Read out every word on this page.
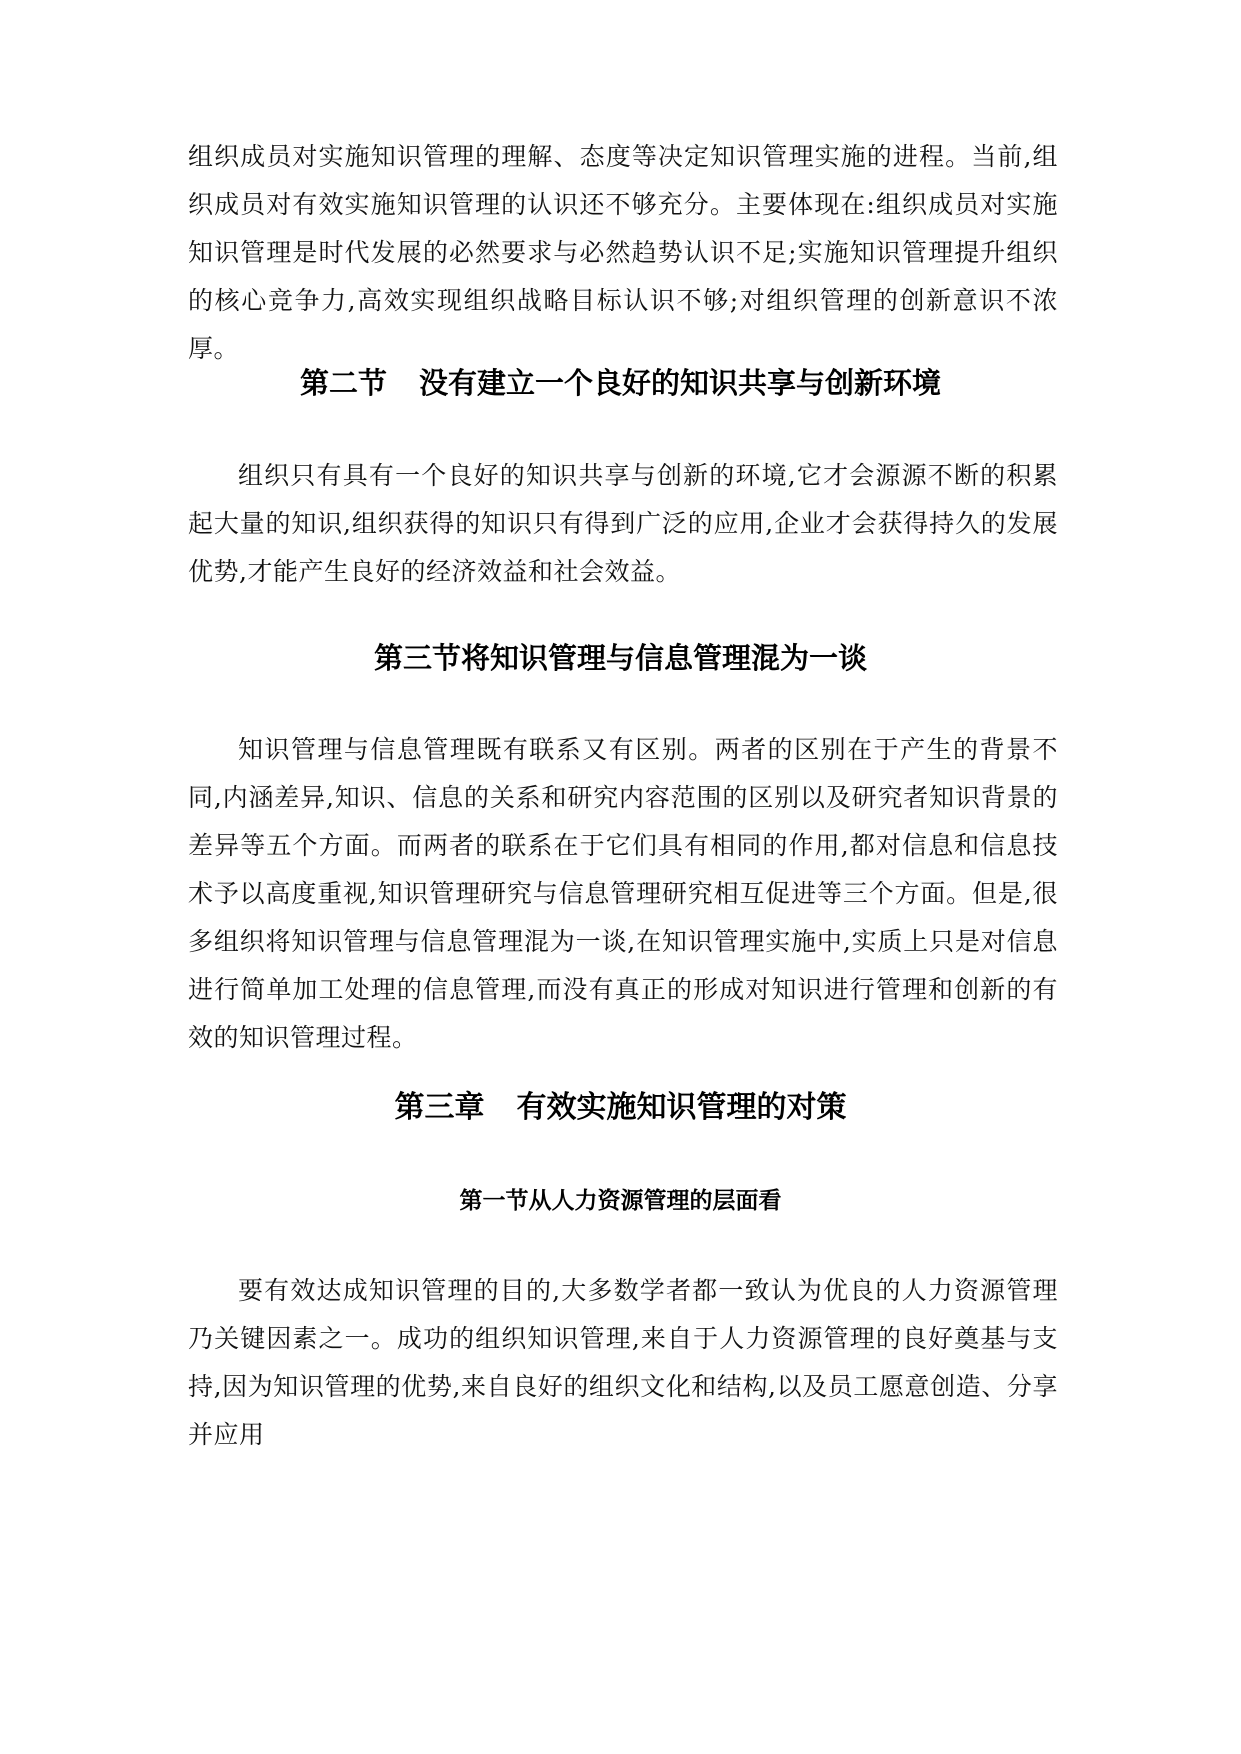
组织成员对实施知识管理的理解、态度等决定知识管理实施的进程。当前,组织成员对有效实施知识管理的认识还不够充分。主要体现在:组织成员对实施知识管理是时代发展的必然要求与必然趋势认识不足;实施知识管理提升组织的核心竞争力,高效实现组织战略目标认识不够;对组织管理的创新意识不浓厚。

第二节 没有建立一个良好的知识共享与创新环境

组织只有具有一个良好的知识共享与创新的环境,它才会源源不断的积累起大量的知识,组织获得的知识只有得到广泛的应用,企业才会获得持久的发展优势,才能产生良好的经济效益和社会效益。

第三节将知识管理与信息管理混为一谈

知识管理与信息管理既有联系又有区别。两者的区别在于产生的背景不同,内涵差异,知识、信息的关系和研究内容范围的区别以及研究者知识背景的差异等五个方面。而两者的联系在于它们具有相同的作用,都对信息和信息技术予以高度重视,知识管理研究与信息管理研究相互促进等三个方面。但是,很多组织将知识管理与信息管理混为一谈,在知识管理实施中,实质上只是对信息进行简单加工处理的信息管理,而没有真正的形成对知识进行管理和创新的有效的知识管理过程。

第三章 有效实施知识管理的对策
第一节从人力资源管理的层面看

要有效达成知识管理的目的,大多数学者都一致认为优良的人力资源管理乃关键因素之一。成功的组织知识管理,来自于人力资源管理的良好奠基与支持,因为知识管理的优势,来自良好的组织文化和结构,以及员工愿意创造、分享并应用
